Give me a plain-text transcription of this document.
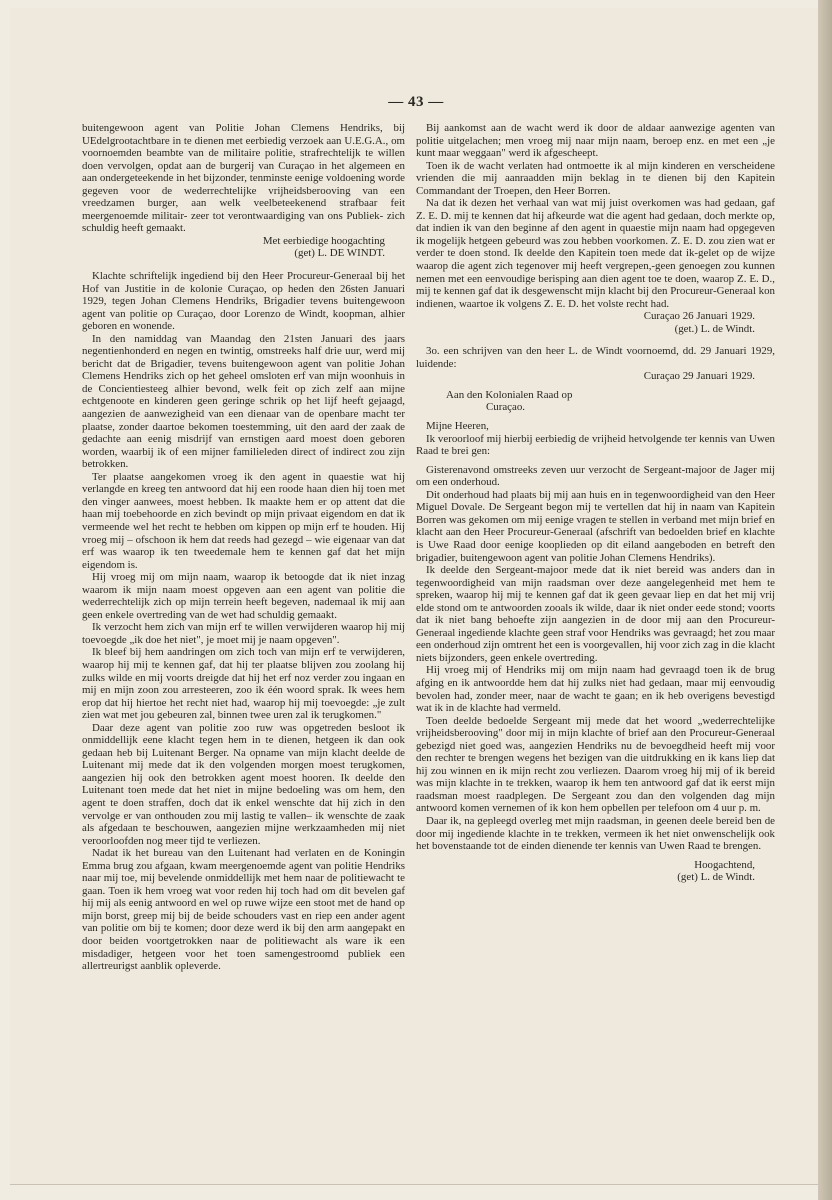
— 43 —

buitengewoon agent van Politie Johan Clemens Hendriks, bij UEdelgrootachtbare in te dienen met eerbiedig verzoek aan U.E.G.A., om voornoemden beambte van de militaire politie, strafrechtelijk te willen doen vervolgen, opdat aan de burgerij van Curaçao in het algemeen en aan ondergeteekende in het bijzonder, tenminste eenige voldoening worde gegeven voor de wederrechtelijke vrijheidsberooving van een vreedzamen burger, aan welk veelbeteekenend strafbaar feit meergenoemde militair- zeer tot verontwaardiging van ons Publiek- zich schuldig heeft gemaakt.

Met eerbiedige hoogachting

(get) L. DE WINDT.

Klachte schriftelijk ingediend bij den Heer Procureur-Generaal bij het Hof van Justitie in de kolonie Curaçao, op heden den 26sten Januari 1929, tegen Johan Clemens Hendriks, Brigadier tevens buitengewoon agent van politie op Curaçao, door Lorenzo de Windt, koopman, alhier geboren en wonende.

In den namiddag van Maandag den 21sten Januari des jaars negentienhonderd en negen en twintig, omstreeks half drie uur, werd mij bericht dat de Brigadier, tevens buitengewoon agent van politie Johan Clemens Hendriks zich op het geheel omsloten erf van mijn woonhuis in de Concientiesteeg alhier bevond, welk feit op zich zelf aan mijne echtgenoote en kinderen geen geringe schrik op het lijf heeft gejaagd, aangezien de aanwezigheid van een dienaar van de openbare macht ter plaatse, zonder daartoe bekomen toestemming, uit den aard der zaak de gedachte aan eenig misdrijf van ernstigen aard moest doen geboren worden, waarbij ik of een mijner familieleden direct of indirect zou zijn betrokken.

Ter plaatse aangekomen vroeg ik den agent in quaestie wat hij verlangde en kreeg ten antwoord dat hij een roode haan dien hij toen met den vinger aanwees, moest hebben. Ik maakte hem er op attent dat die haan mij toebehoorde en zich bevindt op mijn privaat eigendom en dat ik vermeende wel het recht te hebben om kippen op mijn erf te houden. Hij vroeg mij – ofschoon ik hem dat reeds had gezegd – wie eigenaar van dat erf was waarop ik ten tweedemale hem te kennen gaf dat het mijn eigendom is.

Hij vroeg mij om mijn naam, waarop ik betoogde dat ik niet inzag waarom ik mijn naam moest opgeven aan een agent van politie die wederrechtelijk zich op mijn terrein heeft begeven, nademaal ik mij aan geen enkele overtreding van de wet had schuldig gemaakt.

Ik verzocht hem zich van mijn erf te willen verwijderen waarop hij mij toevoegde „ik doe het niet", je moet mij je naam opgeven".

Ik bleef bij hem aandringen om zich toch van mijn erf te verwijderen, waarop hij mij te kennen gaf, dat hij ter plaatse blijven zou zoolang hij zulks wilde en mij voorts dreigde dat hij het erf noz verder zou ingaan en mij en mijn zoon zou arresteeren, zoo ik één woord sprak. Ik wees hem erop dat hij hiertoe het recht niet had, waarop hij mij toevoegde: „je zult zien wat met jou gebeuren zal, binnen twee uren zal ik terugkomen."

Daar deze agent van politie zoo ruw was opgetreden besloot ik onmiddellijk eene klacht tegen hem in te dienen, hetgeen ik dan ook gedaan heb bij Luitenant Berger. Na opname van mijn klacht deelde de Luitenant mij mede dat ik den volgenden morgen moest terugkomen, aangezien hij ook den betrokken agent moest hooren. Ik deelde den Luitenant toen mede dat het niet in mijne bedoeling was om hem, den agent te doen straffen, doch dat ik enkel wenschte dat hij zich in den vervolge er van onthouden zou mij lastig te vallen– ik wenschte de zaak als afgedaan te beschouwen, aangezien mijne werkzaamheden mij niet veroorloofden nog meer tijd te verliezen.

Nadat ik het bureau van den Luitenant had verlaten en de Koningin Emma brug zou afgaan, kwam meergenoemde agent van politie Hendriks naar mij toe, mij bevelende onmiddellijk met hem naar de politiewacht te gaan. Toen ik hem vroeg wat voor reden hij toch had om dit bevelen gaf hij mij als eenig antwoord en wel op ruwe wijze een stoot met de hand op mijn borst, greep mij bij de beide schouders vast en riep een ander agent van politie om bij te komen; door deze werd ik bij den arm aangepakt en door beiden voortgetrokken naar de politiewacht als ware ik een misdadiger, hetgeen voor het toen samengestroomd publiek een allertreurigst aanblik opleverde.

Bij aankomst aan de wacht werd ik door de aldaar aanwezige agenten van politie uitgelachen; men vroeg mij naar mijn naam, beroep enz. en met een „je kunt maar weggaan" werd ik afgescheept.

Toen ik de wacht verlaten had ontmoette ik al mijn kinderen en verscheidene vrienden die mij aanraadden mijn beklag in te dienen bij den Kapitein Commandant der Troepen, den Heer Borren.

Na dat ik dezen het verhaal van wat mij juist overkomen was had gedaan, gaf Z. E. D. mij te kennen dat hij afkeurde wat die agent had gedaan, doch merkte op, dat indien ik van den beginne af den agent in quaestie mijn naam had opgegeven ik mogelijk hetgeen gebeurd was zou hebben voorkomen. Z. E. D. zou zien wat er verder te doen stond. Ik deelde den Kapitein toen mede dat ik-gelet op de wijze waarop die agent zich tegenover mij heeft vergrepen,-geen genoegen zou kunnen nemen met een eenvoudige berisping aan dien agent toe te doen, waarop Z. E. D., mij te kennen gaf dat ik desgewenscht mijn klacht bij den Procureur-Generaal kon indienen, waartoe ik volgens Z. E. D. het volste recht had.

Curaçao 26 Januari 1929.

(get.) L. de Windt.

3o. een schrijven van den heer L. de Windt voornoemd, dd. 29 Januari 1929, luidende:

Curaçao 29 Januari 1929.

Aan den Kolonialen Raad op

Curaçao.

Mijne Heeren,

Ik veroorloof mij hierbij eerbiedig de vrijheid hetvolgende ter kennis van Uwen Raad te brei gen:

Gisterenavond omstreeks zeven uur verzocht de Sergeant-majoor de Jager mij om een onderhoud.

Dit onderhoud had plaats bij mij aan huis en in tegenwoordigheid van den Heer Miguel Dovale. De Sergeant begon mij te vertellen dat hij in naam van Kapitein Borren was gekomen om mij eenige vragen te stellen in verband met mijn brief en klacht aan den Heer Procureur-Generaal (afschrift van bedoelden brief en klachte is Uwe Raad door eenige kooplieden op dit eiland aangeboden en betreft den brigadier, buitengewoon agent van politie Johan Clemens Hendriks).

Ik deelde den Sergeant-majoor mede dat ik niet bereid was anders dan in tegenwoordigheid van mijn raadsman over deze aangelegenheid met hem te spreken, waarop hij mij te kennen gaf dat ik geen gevaar liep en dat het mij vrij elde stond om te antwoorden zooals ik wilde, daar ik niet onder eede stond; voorts dat ik niet bang behoefte zijn aangezien in de door mij aan den Procureur-Generaal ingediende klachte geen straf voor Hendriks was gevraagd; het zou maar een onderhoud zijn omtrent het een is voorgevallen, hij voor zich zag in die klacht niets bijzonders, geen enkele overtreding.

Hij vroeg mij of Hendriks mij om mijn naam had gevraagd toen ik de brug afging en ik antwoordde hem dat hij zulks niet had gedaan, maar mij eenvoudig bevolen had, zonder meer, naar de wacht te gaan; en ik heb overigens bevestigd wat ik in de klachte had vermeld.

Toen deelde bedoelde Sergeant mij mede dat het woord „wederrechtelijke vrijheidsberooving" door mij in mijn klachte of brief aan den Procureur-Generaal gebezigd niet goed was, aangezien Hendriks nu de bevoegdheid heeft mij voor den rechter te brengen wegens het bezigen van die uitdrukking en ik kans liep dat hij zou winnen en ik mijn recht zou verliezen. Daarom vroeg hij mij of ik bereid was mijn klachte in te trekken, waarop ik hem ten antwoord gaf dat ik eerst mijn raadsman moest raadplegen. De Sergeant zou dan den volgenden dag mijn antwoord komen vernemen of ik kon hem opbellen per telefoon om 4 uur p. m.

Daar ik, na gepleegd overleg met mijn raadsman, in geenen deele bereid ben de door mij ingediende klachte in te trekken, vermeen ik het niet onwenschelijk ook het bovenstaande tot de einden dienende ter kennis van Uwen Raad te brengen.

Hoogachtend,

(get) L. de Windt.
